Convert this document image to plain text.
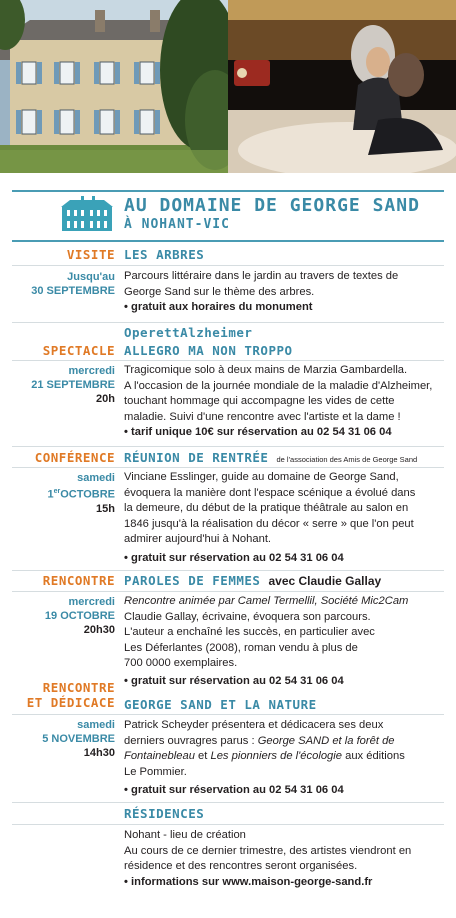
AU DOMAINE DE GEORGE SAND
À NOHANT-VIC
VISITE LES ARBRES
Jusqu'au
30 SEPTEMBRE

Parcours littéraire dans le jardin au travers de textes de

George Sand sur le thème des arbres.

• gratuit aux horaires du monument

OperettAlzheimer
SPECTACLE ALLEGRO MA NON TROPPO
mercredi
21 SEPTEMBRE
20h

Tragicomique solo à deux mains de Marzia Gambardella.

A l'occasion de la journée mondiale de la maladie d'Alzheimer,

touchant hommage qui accompagne les vides de cette

maladie. Suivi d'une rencontre avec l'artiste et la dame !

• tarif unique 10€ sur réservation au 02 54 31 06 04

CONFÉRENCE RÉUNION DE RENTRÉE de l'association des Amis de George Sand
samedi
1erOCTOBRE
15h

Vinciane Esslinger, guide au domaine de George Sand,

évoquera la manière dont l'espace scénique a évolué dans

la demeure, du début de la pratique théâtrale au salon en

1846 jusqu'à la réalisation du décor « serre » que l'on peut

admirer aujourd'hui à Nohant.

• gratuit sur réservation au 02 54 31 06 04

RENCONTRE PAROLES DE FEMMES avec Claudie Gallay
mercredi
19 OCTOBRE
20h30

Rencontre animée par Camel Termellil, Société Mic2Cam

Claudie Gallay, écrivaine, évoquera son parcours.

L'auteur a enchaîné les succès, en particulier avec

Les Déferlantes (2008), roman vendu à plus de

700 0000 exemplaires.

• gratuit sur réservation au 02 54 31 06 04

RENCONTRE
ET DÉDICACE GEORGE SAND ET LA NATURE
samedi
5 NOVEMBRE
14h30

Patrick Scheyder présentera et dédicacera ses deux

derniers ouvragres parus : George SAND et la forêt de

Fontainebleau et Les pionniers de l'écologie aux éditions

Le Pommier.

• gratuit sur réservation au 02 54 31 06 04

RÉSIDENCES

Nohant - lieu de création

Au cours de ce dernier trimestre, des artistes viendront en

résidence et des rencontres seront organisées.

• informations sur www.maison-george-sand.fr
